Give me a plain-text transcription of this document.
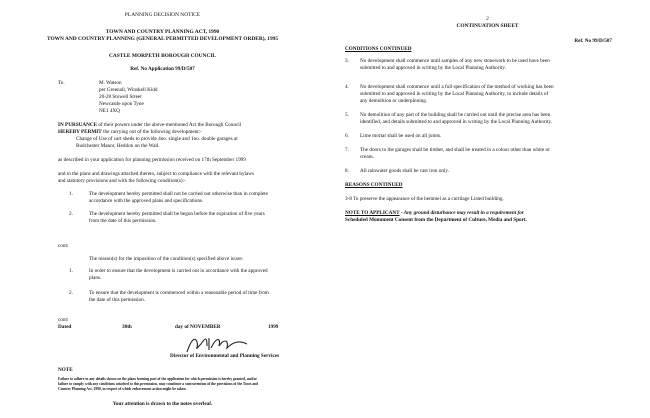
PLANNING DECISION NOTICE
TOWN AND COUNTRY PLANNING ACT, 1990
TOWN AND COUNTRY PLANNING (GENERAL PERMITTED DEVELOPMENT ORDER), 1995
CASTLE MORPETH BOROUGH COUNCIL
Ref. No Application 99/D/507
To.	M. Watson
per Greenall, Winskell Kidd
20-28 Stowell Street
Newcastle upon Tyne
NE1 4XQ
IN PURSUANCE of their powers under the above-mentioned Act the Borough Council
HEREBY PERMIT the carrying out of the following development:-
Change of Use of cart sheds to provide 4no. single and 1no. double garages at
Rudchester Manor, Heddon on the Wall.
as described in your application for planning permission received on 17th September 1999
and in the plans and drawings attached thereto, subject to compliance with the relevant bylaws
and statutory provisions and with the following condition(s):-
1.	The development hereby permitted shall not be carried out otherwise than in complete
accordance with the approved plans and specifications.
2.	The development hereby permitted shall be begun before the expiration of five years
from the date of this permission.
cont/
The reason(s) for the imposition of the condition(s) specified above is/are:
1.	In order to ensure that the development is carried out in accordance with the approved
plans.
2.	To ensure that the development is commenced within a reasonable period of time from
the date of this permission.
cont/
Dated	30th	day of NOVEMBER	1999
Director of Environmental and Planning Services
NOTE
Failure to adhere to any details shown on the plans forming part of the application for which permission is hereby granted, and/or
failure to comply with any conditions attached to this permission, may constitute a contravention of the provisions of the Town and
Country Planning Act, 1990, in respect of which enforcement action might be taken.
Your attention is drawn to the notes overleaf.
2
CONTINUATION SHEET
Ref. No 99/D/507
CONDITIONS CONTINUED
3. No development shall commence until samples of any new stonework to be used have been
submitted to and approved in writing by the Local Planning Authority.
4. No development shall commence until a full specification of the method of working has been
submitted to and approved in writing by the Local Planning Authority, to include details of
any demolition or underpinning.
5. No demolition of any part of the building shall be carried out until the precise area has been
identified, and details submitted to and approved in writing by the Local Planning Authority.
6. Lime mortar shall be used on all joints.
7. The doors to the garages shall be timber, and shall be treated in a colour other than white or
cream.
8. All rainwater goods shall be cast iron only.
REASONS CONTINUED
3-8 To preserve the appearance of the hemmel as a curtilage Listed building.
NOTE TO APPLICANT - Any ground disturbance may result in a requirement for
Scheduled Monument Consent from the Department of Culture, Media and Sport.
